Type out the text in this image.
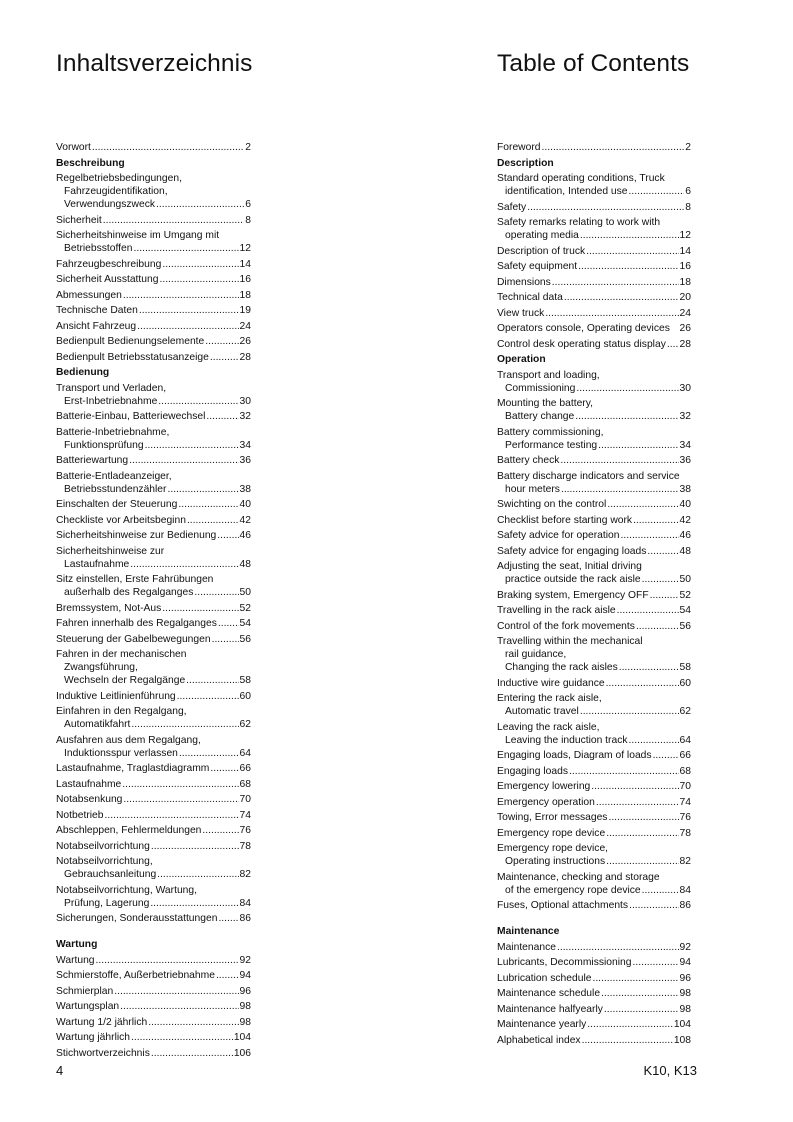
Inhaltsverzeichnis	Table of Contents
Vorwort .....	2
Beschreibung
Regelbetriebsbedingungen,
Fahrzeugidentifikation,
Verwendungszweck .....	6
Sicherheit .....	8
Sicherheitshinweise im Umgang mit
Betriebsstoffen .....	12
Fahrzeugbeschreibung .....	14
Sicherheit Ausstattung .....	16
Abmessungen .....	18
Technische Daten .....	19
Ansicht Fahrzeug .....	24
Bedienpult Bedienungselemente .....	26
Bedienpult Betriebsstatusanzeige .....	28
Bedienung
Transport und Verladen,
Erst-Inbetriebnahme .....	30
Batterie-Einbau, Batteriewechsel .....	32
Batterie-Inbetriebnahme,
Funktionsprüfung .....	34
Batteriewartung .....	36
Batterie-Entladeanzeiger,
Betriebsstundenzähler .....	38
Einschalten der Steuerung .....	40
Checkliste vor Arbeitsbeginn .....	42
Sicherheitshinweise zur Bedienung ..... 46
Sicherheitshinweise zur
Lastaufnahme .....	48
Sitz einstellen, Erste Fahrübungen
außerhalb des Regalganges .....	50
Bremssystem, Not-Aus .....	52
Fahren innerhalb des Regalganges ..... 54
Steuerung der Gabelbewegungen .....	56
Fahren in der mechanischen
Zwangsführung,
Wechseln der Regalgänge .....	58
Induktive Leitlinienführung .....	60
Einfahren in den Regalgang,
Automatikfahrt .....	62
Ausfahren aus dem Regalgang,
Induktionsspur verlassen .....	64
Lastaufnahme, Traglastdiagramm .....	66
Lastaufnahme .....	68
Notabsenkung .....	70
Notbetrieb .....	74
Abschleppen, Fehlermeldungen .....	76
Notabseilvorrichtung .....	78
Notabseilvorrichtung,
Gebrauchsanleitung .....	82
Notabseilvorrichtung, Wartung,
Prüfung, Lagerung .....	84
Sicherungen, Sonderausstattungen ..... 86
Wartung
Wartung .....	92
Schmierstoffe, Außerbetriebnahme ..... 94
Schmierplan .....	96
Wartungsplan .....	98
Wartung 1/2 jährlich .....	98
Wartung jährlich .....	104
Stichwortverzeichnis .....	106
Foreword .....	2
Description
Standard operating conditions, Truck
identification, Intended use .....	6
Safety .....	8
Safety remarks relating to work with
operating media .....	12
Description of truck .....	14
Safety equipment .....	16
Dimensions .....	18
Technical data .....	20
View truck .....	24
Operators console, Operating devices 26
Control desk operating status display ..... 28
Operation
Transport and loading,
Commissioning .....	30
Mounting the battery,
Battery change .....	32
Battery commissioning,
Performance testing .....	34
Battery check .....	36
Battery discharge indicators and service
hour meters .....	38
Swichting on the control .....	40
Checklist before starting work .....	42
Safety advice for operation .....	46
Safety advice for engaging loads .....	48
Adjusting the seat, Initial driving
practice outside the rack aisle .....	50
Braking system, Emergency OFF .....	52
Travelling in the rack aisle .....	54
Control of the fork movements .....	56
Travelling within the mechanical
rail guidance,
Changing the rack aisles .....	58
Inductive wire guidance .....	60
Entering the rack aisle,
Automatic travel .....	62
Leaving the rack aisle,
Leaving the induction track .....	64
Engaging loads, Diagram of loads .....	66
Engaging loads .....	68
Emergency lowering .....	70
Emergency operation .....	74
Towing, Error messages .....	76
Emergency rope device .....	78
Emergency rope device,
Operating instructions .....	82
Maintenance, checking and storage
of the emergency rope device .....	84
Fuses, Optional attachments .....	86
Maintenance
Maintenance .....	92
Lubricants, Decommissioning .....	94
Lubrication schedule .....	96
Maintenance schedule .....	98
Maintenance halfyearly .....	98
Maintenance yearly .....	104
Alphabetical index .....	108
4	K10, K13
